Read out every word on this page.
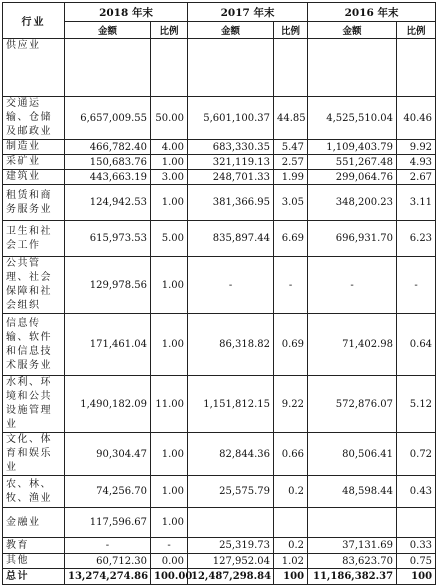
行业	2018 年末		2017 年末		2016 年末	
	金额	比例	金额	比例	金额	比例
供应业						
交通运输、仓储及邮政业	6,657,009.55	50.00	5,601,100.37	44.85	4,525,510.04	40.46
制造业	466,782.40	4.00	683,330.35	5.47	1,109,403.79	9.92
采矿业	150,683.76	1.00	321,119.13	2.57	551,267.48	4.93
建筑业	443,663.19	3.00	248,701.33	1.99	299,064.76	2.67
租赁和商务服务业	124,942.53	1.00	381,366.95	3.05	348,200.23	3.11
卫生和社会工作	615,973.53	5.00	835,897.44	6.69	696,931.70	6.23
公共管理、社会保障和社会组织	129,978.56	1.00	-	-	-	-
信息传输、软件和信息技术服务业	171,461.04	1.00	86,318.82	0.69	71,402.98	0.64
水利、环境和公共设施管理业	1,490,182.09	11.00	1,151,812.15	9.22	572,876.07	5.12
文化、体育和娱乐业	90,304.47	1.00	82,844.36	0.66	80,506.41	0.72
农、林、牧、渔业	74,256.70	1.00	25,575.79	0.2	48,598.44	0.43
金融业	117,596.67	1.00				
教育	-	-	25,319.73	0.2	37,131.69	0.33
其他	60,712.30	0.00	127,952.04	1.02	83,623.70	0.75
总计	13,274,274.86	100.00	12,487,298.84	100	11,186,382.37	100
